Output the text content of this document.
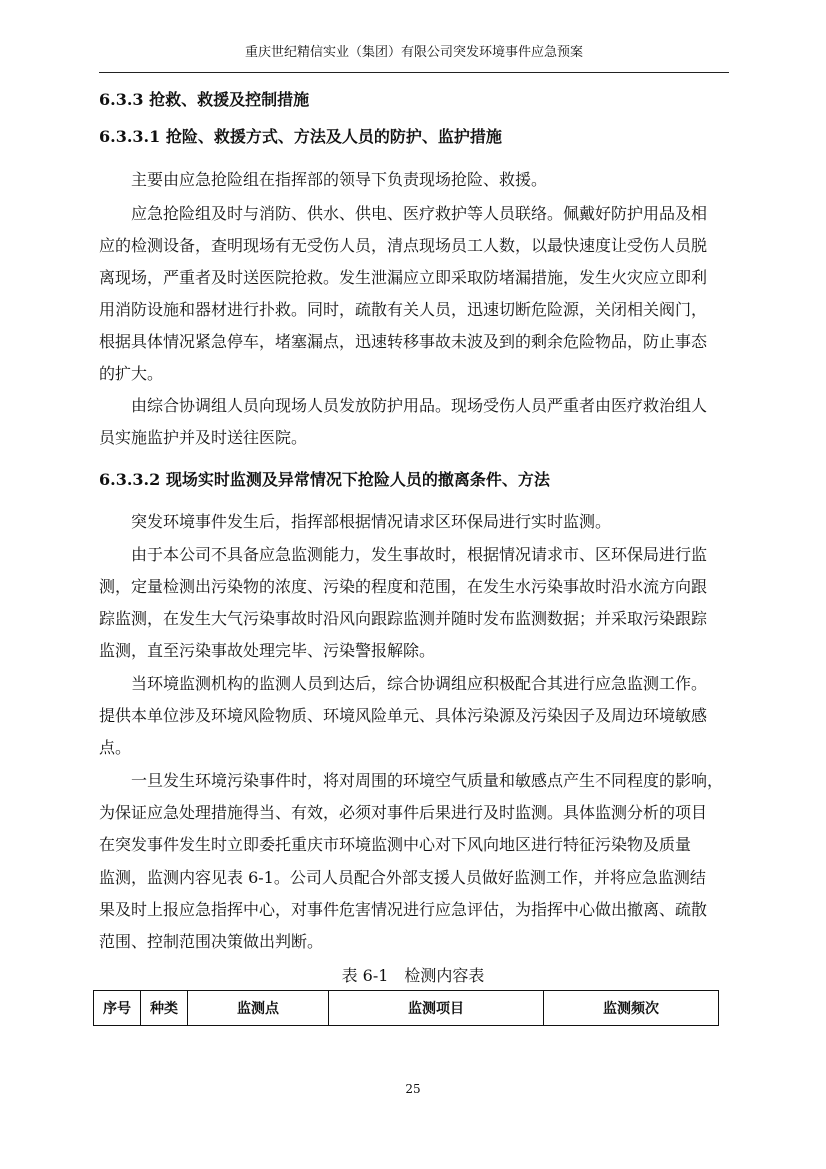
重庆世纪精信实业（集团）有限公司突发环境事件应急预案
6.3.3 抢救、救援及控制措施
6.3.3.1 抢险、救援方式、方法及人员的防护、监护措施
主要由应急抢险组在指挥部的领导下负责现场抢险、救援。
应急抢险组及时与消防、供水、供电、医疗救护等人员联络。佩戴好防护用品及相
应的检测设备，查明现场有无受伤人员，清点现场员工人数，以最快速度让受伤人员脱
离现场，严重者及时送医院抢救。发生泄漏应立即采取防堵漏措施，发生火灾应立即利
用消防设施和器材进行扑救。同时，疏散有关人员，迅速切断危险源，关闭相关阀门，
根据具体情况紧急停车，堵塞漏点，迅速转移事故未波及到的剩余危险物品，防止事态
的扩大。
由综合协调组人员向现场人员发放防护用品。现场受伤人员严重者由医疗救治组人
员实施监护并及时送往医院。
6.3.3.2 现场实时监测及异常情况下抢险人员的撤离条件、方法
突发环境事件发生后，指挥部根据情况请求区环保局进行实时监测。
由于本公司不具备应急监测能力，发生事故时，根据情况请求市、区环保局进行监
测，定量检测出污染物的浓度、污染的程度和范围，在发生水污染事故时沿水流方向跟
踪监测，在发生大气污染事故时沿风向跟踪监测并随时发布监测数据；并采取污染跟踪
监测，直至污染事故处理完毕、污染警报解除。
当环境监测机构的监测人员到达后，综合协调组应积极配合其进行应急监测工作。
提供本单位涉及环境风险物质、环境风险单元、具体污染源及污染因子及周边环境敏感
点。
一旦发生环境污染事件时，将对周围的环境空气质量和敏感点产生不同程度的影响，
为保证应急处理措施得当、有效，必须对事件后果进行及时监测。具体监测分析的项目
在突发事件发生时立即委托重庆市环境监测中心对下风向地区进行特征污染物及质量
监测，监测内容见表 6-1。公司人员配合外部支援人员做好监测工作，并将应急监测结
果及时上报应急指挥中心，对事件危害情况进行应急评估，为指挥中心做出撤离、疏散
范围、控制范围决策做出判断。
表 6-1　检测内容表
序号	种类	监测点	监测项目	监测频次
25
